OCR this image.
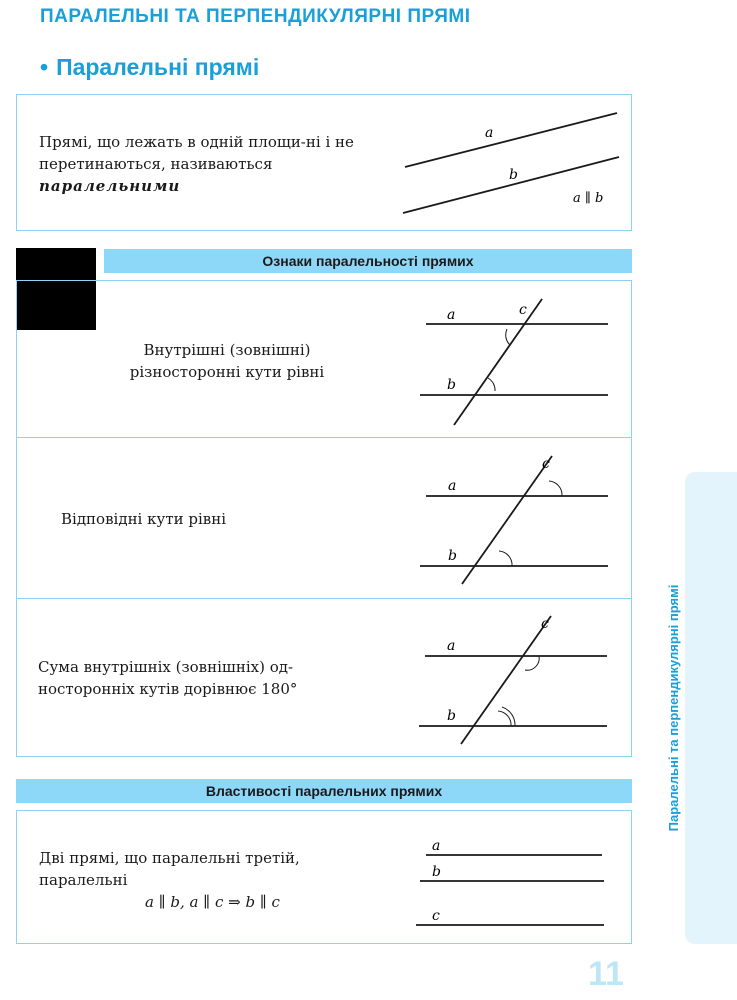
ПАРАЛЕЛЬНІ ТА ПЕРПЕНДИКУЛЯРНІ ПРЯМІ
• Паралельні прямі
Прямі, що лежать в одній площи-ні і не перетинаються, називаються паралельними
a
b
a ∥ b
Ознаки паралельності прямих
Внутрішні (зовнішні) різносторонні кути рівні
a
b
c
Відповідні кути рівні
a
b
c
Сума внутрішніх (зовнішніх) од-носторонніх кутів дорівнює 180°
a
b
c
Властивості паралельних прямих
Дві прямі, що паралельні третій, паралельні
a ∥ b, a ∥ c ⇒ b ∥ c
a
b
c
Паралельні та перпендикулярні прямі
11
